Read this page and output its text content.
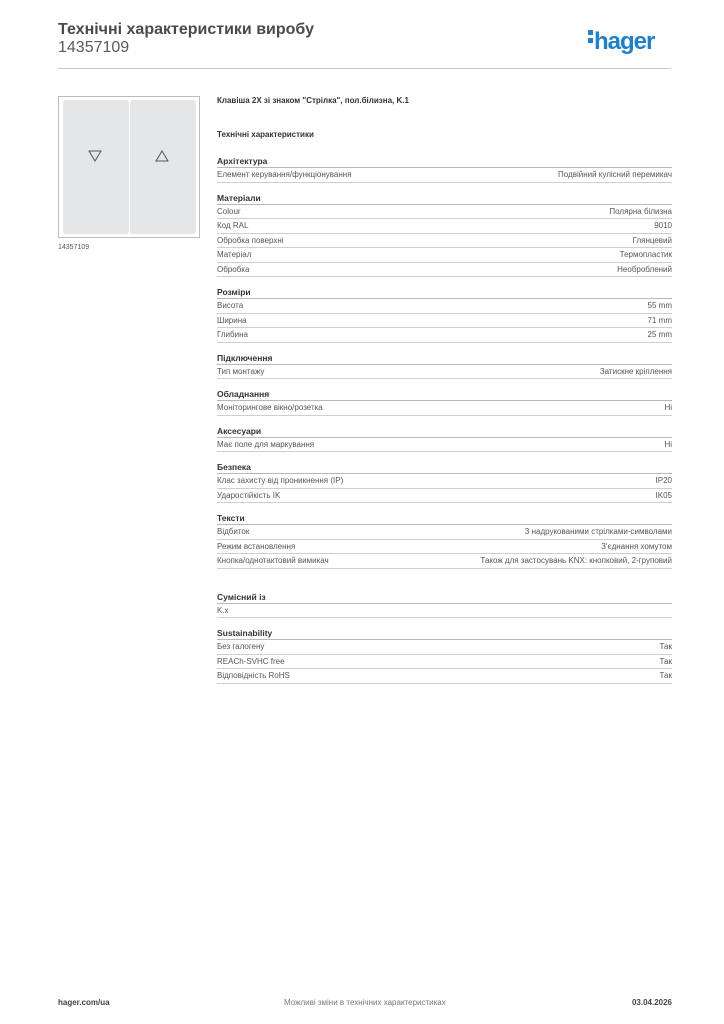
Технічні характеристики виробу
14357109	hager
14357109
Клавіша 2Х зі знаком "Стрілка", пол.білизна, K.1
Технічні характеристики
Архітектура
Елемент керування/функціонування	Подвійний кулісний перемикач
Матеріали
Colour	Полярна білизна
Код RAL	9010
Обробка поверхні	Глянцевий
Матеріал	Термопластик
Обробка	Необроблений
Розміри
Висота	55 mm
Ширина	71 mm
Глибина	25 mm
Підключення
Тип монтажу	Затискне кріплення
Обладнання
Моніторингове вікно/розетка	Ні
Аксесуари
Має поле для маркування	Ні
Безпека
Клас захисту від проникнення (IP)	IP20
Ударостійкість IK	IK05
Тексти
Відбиток	З надрукованими стрілками-символами
Режим встановлення	З'єднання хомутом
Кнопка/однотактовий вимикач	Також для застосувань KNX: кнопковий, 2-груповий
Сумісний із
K.x
Sustainability
Без галогену	Так
REACh-SVHC free	Так
Відповідність RoHS	Так
hager.com/ua	Можливі зміни в технічних характеристиках	03.04.2026
